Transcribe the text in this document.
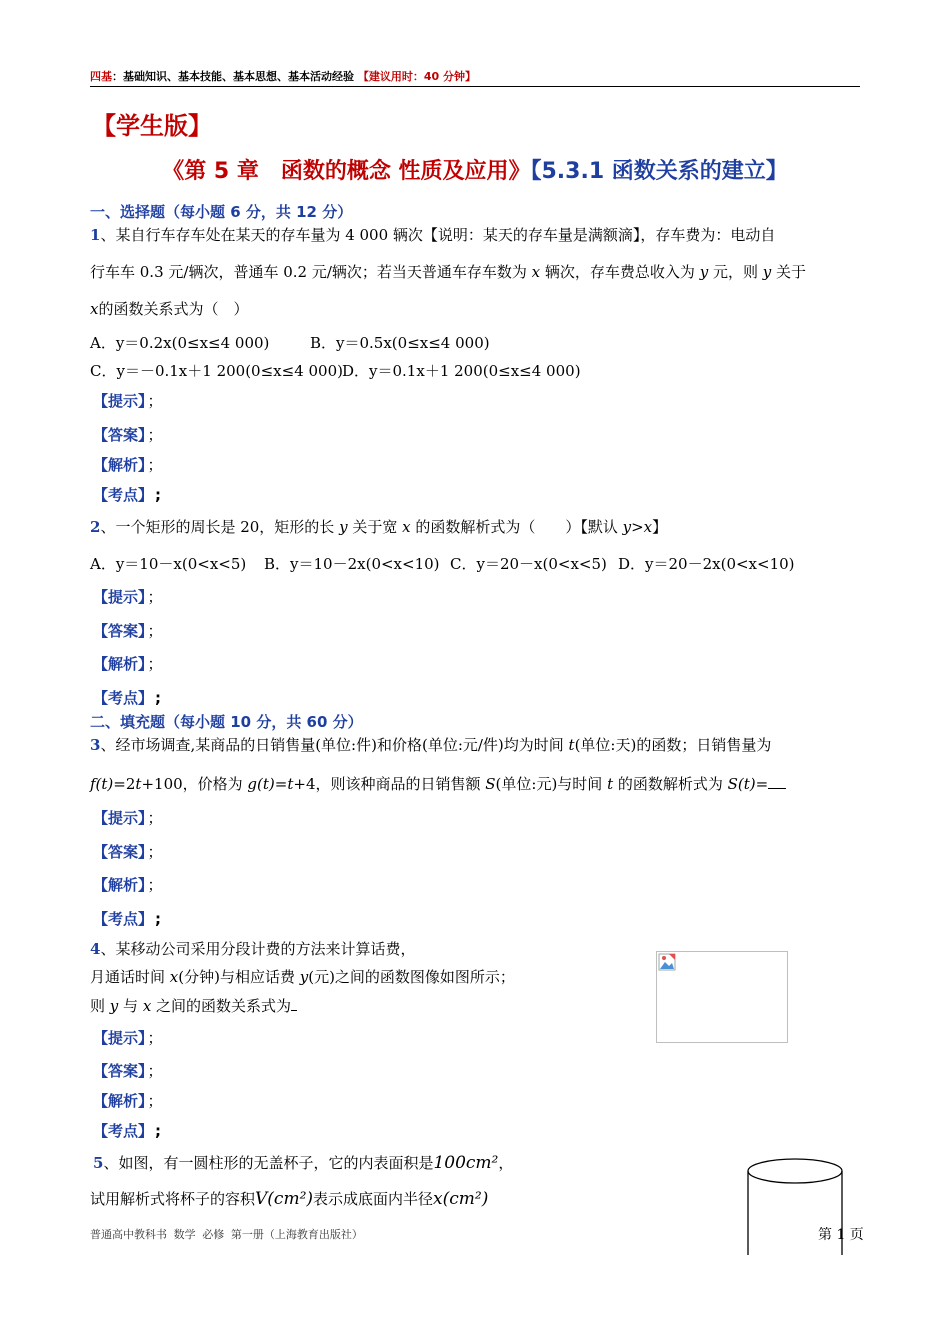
四基：基础知识、基本技能、基本思想、基本活动经验 【建议用时：40 分钟】
【学生版】
《第 5 章　函数的概念 性质及应用》【5.3.1 函数关系的建立】
一、选择题（每小题 6 分，共 12 分）
1、某自行车存车处在某天的存车量为 4 000 辆次【说明：某天的存车量是满额滴】，存车费为：电动自
行车车 0.3 元/辆次，普通车 0.2 元/辆次；若当天普通车存车数为 x 辆次，存车费总收入为 y 元，则 y 关于
x的函数关系式为（　）
A．y＝0.2x(0≤x≤4 000)	B．y＝0.5x(0≤x≤4 000)
C．y＝－0.1x＋1 200(0≤x≤4 000) D．y＝0.1x＋1 200(0≤x≤4 000)
【提示】 ；
【答案】 ；
【解析】 ；
【考点】 ;
2、一个矩形的周长是 20，矩形的长 y 关于宽 x 的函数解析式为（　　）【默认 y>x】
A．y＝10－x(0<x<5) B．y＝10－2x(0<x<10) C．y＝20－x(0<x<5) D．y＝20－2x(0<x<10)
【提示】 ；
【答案】 ；
【解析】 ；
【考点】 ;
二、填充题（每小题 10 分，共 60 分）
3、经市场调查,某商品的日销售量(单位:件)和价格(单位:元/件)均为时间 t(单位:天)的函数；日销售量为
f(t)=2t+100，价格为 g(t)=t+4，则该种商品的日销售额 S(单位:元)与时间 t 的函数解析式为 S(t)=
【提示】 ；
【答案】 ；
【解析】 ；
【考点】 ;
4、某移动公司采用分段计费的方法来计算话费，
月通话时间 x(分钟)与相应话费 y(元)之间的函数图像如图所示；
则 y 与 x 之间的函数关系式为
【提示】 ；
【答案】 ；
【解析】 ；
【考点】 ;
5、如图，有一圆柱形的无盖杯子，它的内表面积是100cm²，
试用解析式将杯子的容积V(cm²)表示成底面内半径x(cm²)
普通高中教科书 数学 必修 第一册（上海教育出版社）	第 1 页
